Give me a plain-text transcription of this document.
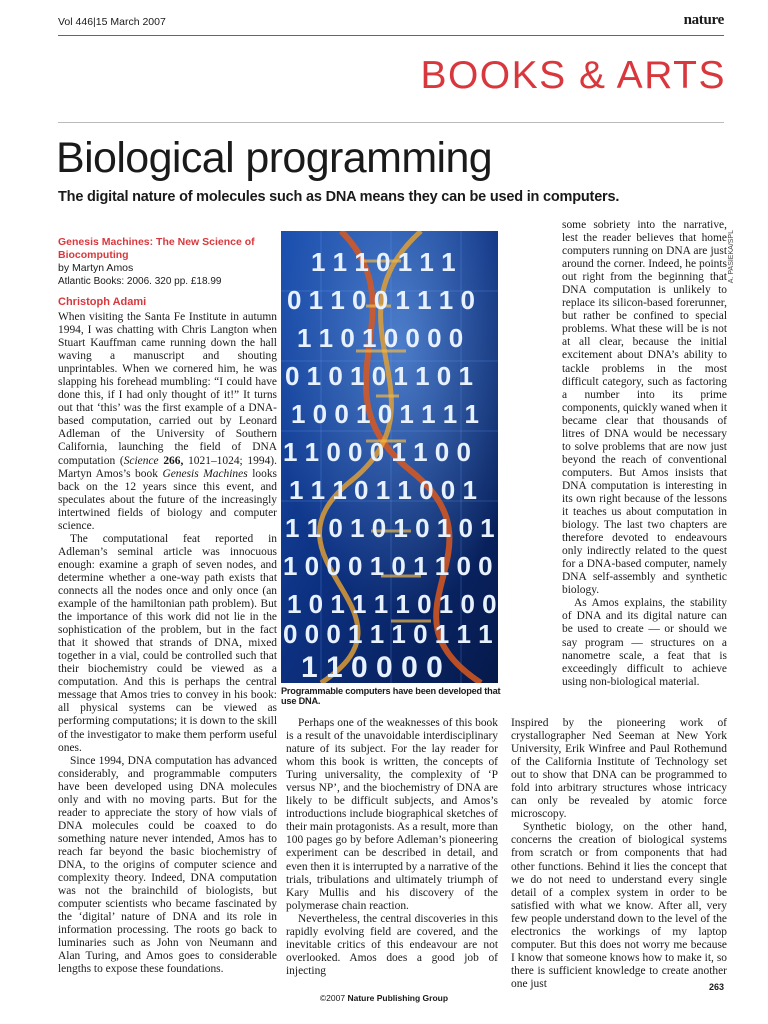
Vol 446|15 March 2007	nature
BOOKS & ARTS
Biological programming
The digital nature of molecules such as DNA means they can be used in computers.
Genesis Machines: The New Science of Biocomputing
by Martyn Amos
Atlantic Books: 2006. 320 pp. £18.99
Christoph Adami

When visiting the Santa Fe Institute in autumn 1994, I was chatting with Chris Langton when Stuart Kauffman came running down the hall waving a manuscript and shouting unprintables. When we cornered him, he was slapping his forehead mumbling: “I could have done this, if I had only thought of it!” It turns out that ‘this’ was the first example of a DNA-based computation, carried out by Leonard Adleman of the University of Southern California, launching the field of DNA computation (Science 266, 1021–1024; 1994). Martyn Amos’s book Genesis Machines looks back on the 12 years since this event, and speculates about the future of the increasingly intertwined fields of biology and computer science.

The computational feat reported in Adleman’s seminal article was innocuous enough: examine a graph of seven nodes, and determine whether a one-way path exists that connects all the nodes once and only once (an example of the hamiltonian path problem). But the importance of this work did not lie in the sophistication of the problem, but in the fact that it showed that strands of DNA, mixed together in a vial, could be controlled such that their biochemistry could be viewed as a computation. And this is perhaps the central message that Amos tries to convey in his book: all physical systems can be viewed as performing computations; it is down to the skill of the investigator to make them perform useful ones.

Since 1994, DNA computation has advanced considerably, and programmable computers have been developed using DNA molecules only and with no moving parts. But for the reader to appreciate the story of how vials of DNA molecules could be coaxed to do something nature never intended, Amos has to reach far beyond the basic biochemistry of DNA, to the origins of computer science and complexity theory. Indeed, DNA computation was not the brainchild of biologists, but computer scientists who became fascinated by the ‘digital’ nature of DNA and its role in information processing. The roots go back to luminaries such as John von Neumann and Alan Turing, and Amos goes to considerable lengths to expose these foundations.

1 1 1 0 1 1 1
0 1 1 0 0 1 1 1 0
1 1 0 1 0 0 0 0
0 1 0 1 0 1 1 0 1
1 0 0 1 0 1 1 1 1
1 1 0 0 0 1 1 0 0
1 1 1 0 1 1 0 0 1
1 1 0 1 0 1 0 1 0 1
1 0 0 0 1 0 1 1 0 0
1 0 1 1 1 1 0 1 0 0
0 0 0 1 1 1 0 1 1 1
1 1 0 0 0 0
Programmable computers have been developed that use DNA.
A. PASIEKA/SPL

Perhaps one of the weaknesses of this book is a result of the unavoidable interdisciplinary nature of its subject. For the lay reader for whom this book is written, the concepts of Turing universality, the complexity of ‘P versus NP’, and the biochemistry of DNA are likely to be difficult subjects, and Amos’s introductions include biographical sketches of their main protagonists. As a result, more than 100 pages go by before Adleman’s pioneering experiment can be described in detail, and even then it is interrupted by a narrative of the trials, tribulations and ultimately triumph of Kary Mullis and his discovery of the polymerase chain reaction.

Nevertheless, the central discoveries in this rapidly evolving field are covered, and the inevitable critics of this endeavour are not overlooked. Amos does a good job of injecting

some sobriety into the narrative, lest the reader believes that home computers running on DNA are just around the corner. Indeed, he points out right from the beginning that DNA computation is unlikely to replace its silicon-based forerunner, but rather be confined to special problems. What these will be is not at all clear, because the initial excitement about DNA’s ability to tackle problems in the most difficult category, such as factoring a number into its prime components, quickly waned when it became clear that thousands of litres of DNA would be necessary to solve problems that are now just beyond the reach of conventional computers. But Amos insists that DNA computation is interesting in its own right because of the lessons it teaches us about computation in biology. The last two chapters are therefore devoted to endeavours only indirectly related to the quest for a DNA-based computer, namely DNA self-assembly and synthetic biology.

As Amos explains, the stability of DNA and its digital nature can be used to create — or should we say program — structures on a nanometre scale, a feat that is exceedingly difficult to achieve using non-biological material.

Inspired by the pioneering work of crystallographer Ned Seeman at New York University, Erik Winfree and Paul Rothemund of the California Institute of Technology set out to show that DNA can be programmed to fold into arbitrary structures whose intricacy can only be revealed by atomic force microscopy.

Synthetic biology, on the other hand, concerns the creation of biological systems from scratch or from components that had other functions. Behind it lies the concept that we do not need to understand every single detail of a complex system in order to be satisfied with what we know. After all, very few people understand down to the level of the electronics the workings of my laptop computer. But this does not worry me because I know that someone knows how to make it, so there is sufficient knowledge to create another one just	263
©2007 Nature Publishing Group
